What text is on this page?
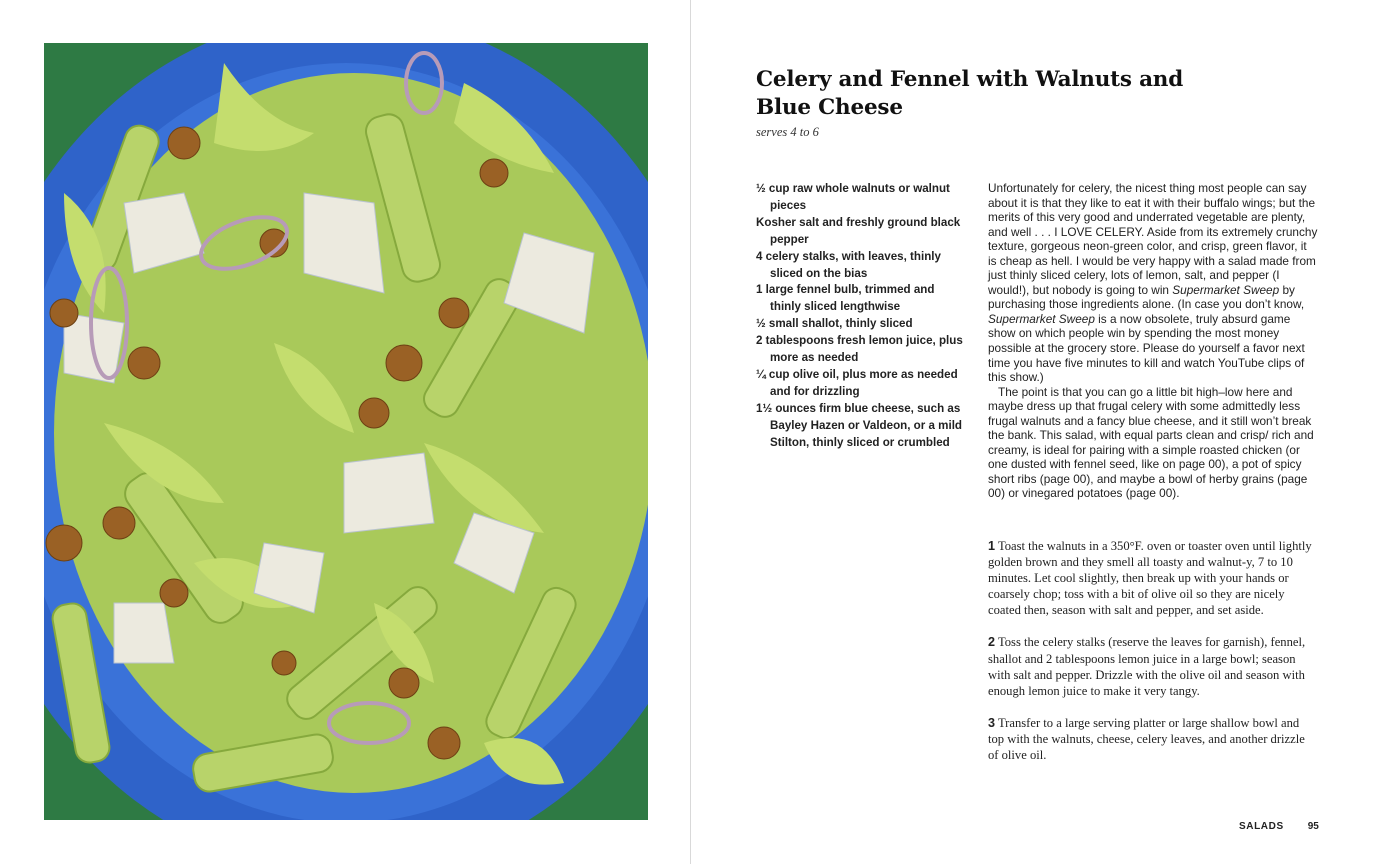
Celery and Fennel with Walnuts and Blue Cheese
serves 4 to 6
½ cup raw whole walnuts or walnut pieces
Kosher salt and freshly ground black pepper
4 celery stalks, with leaves, thinly sliced on the bias
1 large fennel bulb, trimmed and thinly sliced lengthwise
½ small shallot, thinly sliced
2 tablespoons fresh lemon juice, plus more as needed
¼ cup olive oil, plus more as needed and for drizzling
1½ ounces firm blue cheese, such as Bayley Hazen or Valdeon, or a mild Stilton, thinly sliced or crumbled

Unfortunately for celery, the nicest thing most people can say about it is that they like to eat it with their buffalo wings; but the merits of this very good and underrated vegetable are plenty, and well . . . I LOVE CELERY. Aside from its extremely crunchy texture, gorgeous neon-green color, and crisp, green flavor, it is cheap as hell. I would be very happy with a salad made from just thinly sliced celery, lots of lemon, salt, and pepper (I would!), but nobody is going to win Supermarket Sweep by purchasing those ingredients alone. (In case you don’t know, Supermarket Sweep is a now obsolete, truly absurd game show on which people win by spending the most money possible at the grocery store. Please do yourself a favor next time you have five minutes to kill and watch YouTube clips of this show.)

The point is that you can go a little bit high–low here and maybe dress up that frugal celery with some admittedly less frugal walnuts and a fancy blue cheese, and it still won’t break the bank. This salad, with equal parts clean and crisp/ rich and creamy, is ideal for pairing with a simple roasted chicken (or one dusted with fennel seed, like on page 00), a pot of spicy short ribs (page 00), and maybe a bowl of herby grains (page 00) or vinegared potatoes (page 00).

1 Toast the walnuts in a 350°F. oven or toaster oven until lightly golden brown and they smell all toasty and walnut-y, 7 to 10 minutes. Let cool slightly, then break up with your hands or coarsely chop; toss with a bit of olive oil so they are nicely coated then, season with salt and pepper, and set aside.

2 Toss the celery stalks (reserve the leaves for garnish), fennel, shallot and 2 tablespoons lemon juice in a large bowl; season with salt and pepper. Drizzle with the olive oil and season with enough lemon juice to make it very tangy.

3 Transfer to a large serving platter or large shallow bowl and top with the walnuts, cheese, celery leaves, and another drizzle of olive oil.

SALADS 95
